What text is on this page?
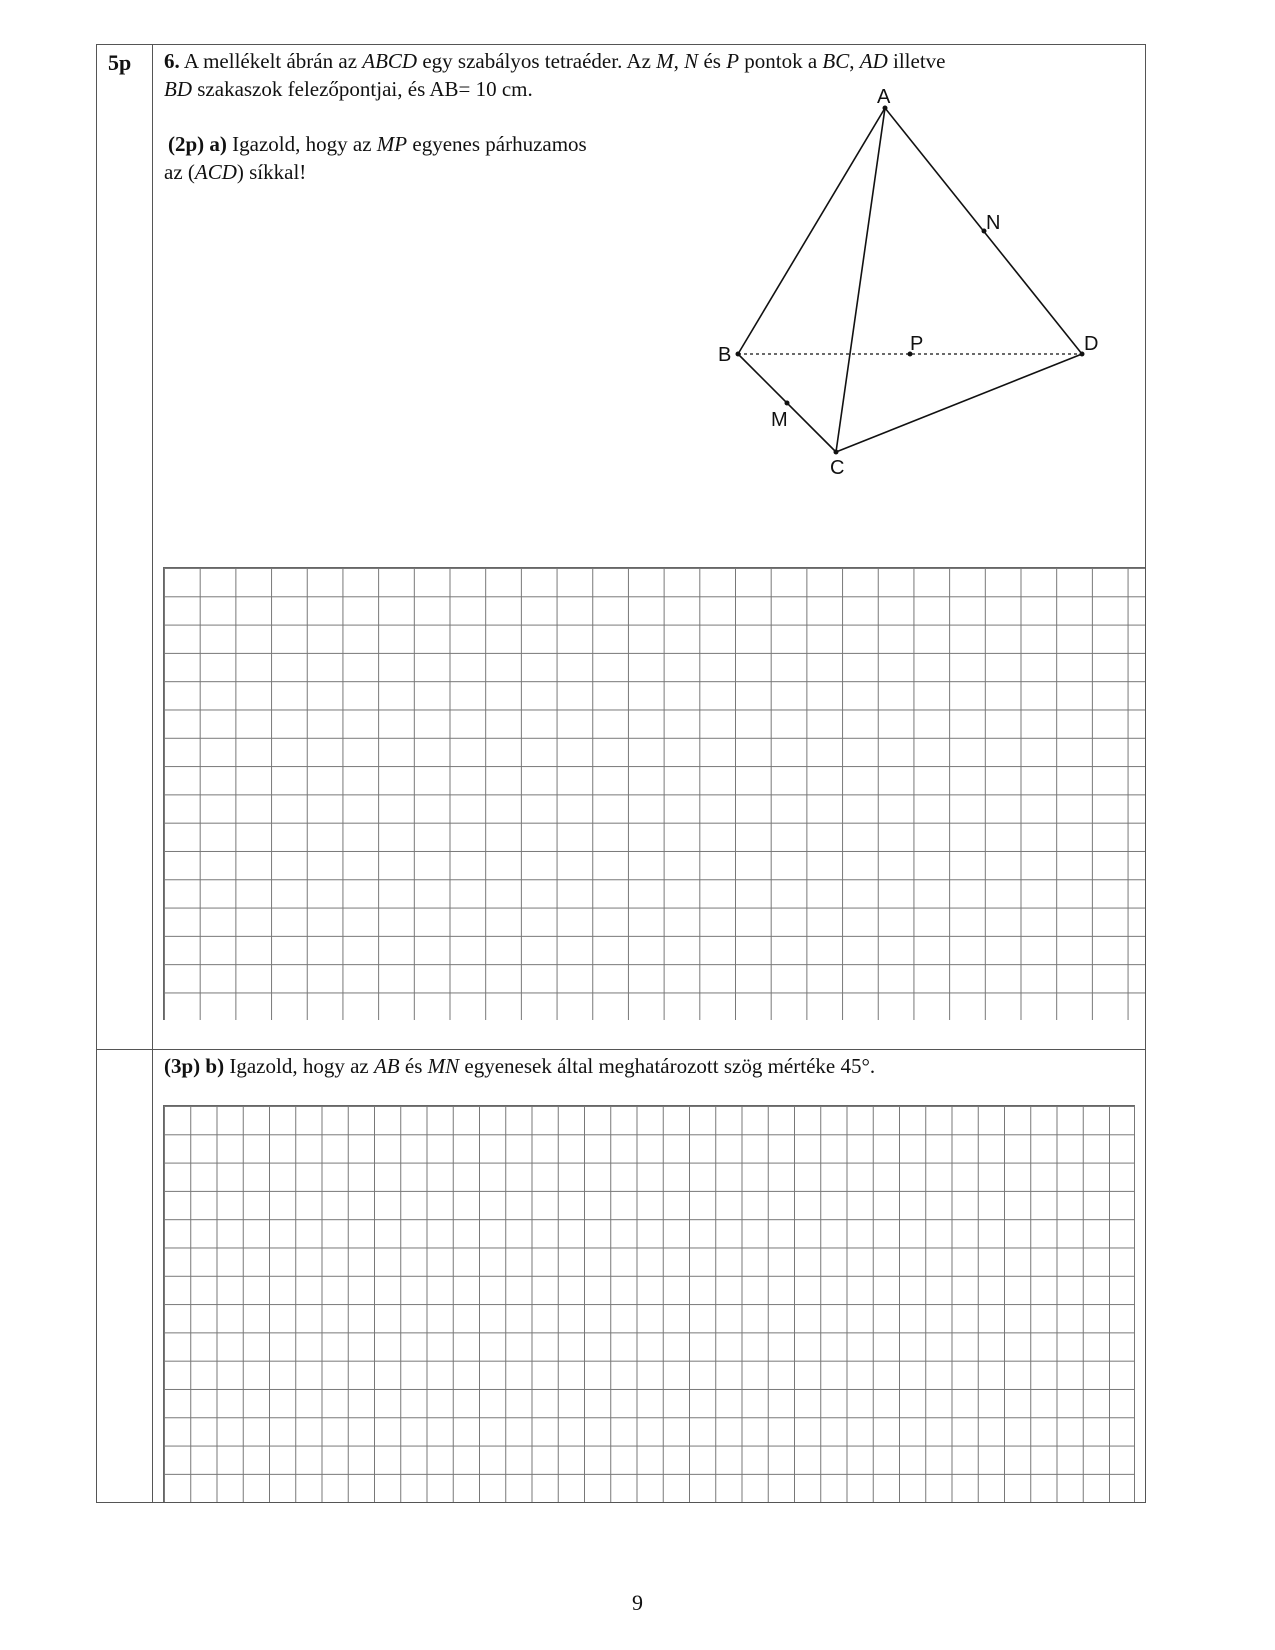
5p 6. A mellékelt ábrán az ABCD egy szabályos tetraéder. Az M, N és P pontok a BC, AD illetve
BD szakaszok felezőpontjai, és AB= 10 cm.
(2p) a) Igazold, hogy az MP egyenes párhuzamos
az (ACD) síkkal!
A
B
C
D
M
N
P
(3p) b) Igazold, hogy az AB és MN egyenesek által meghatározott szög mértéke 45°.
9
